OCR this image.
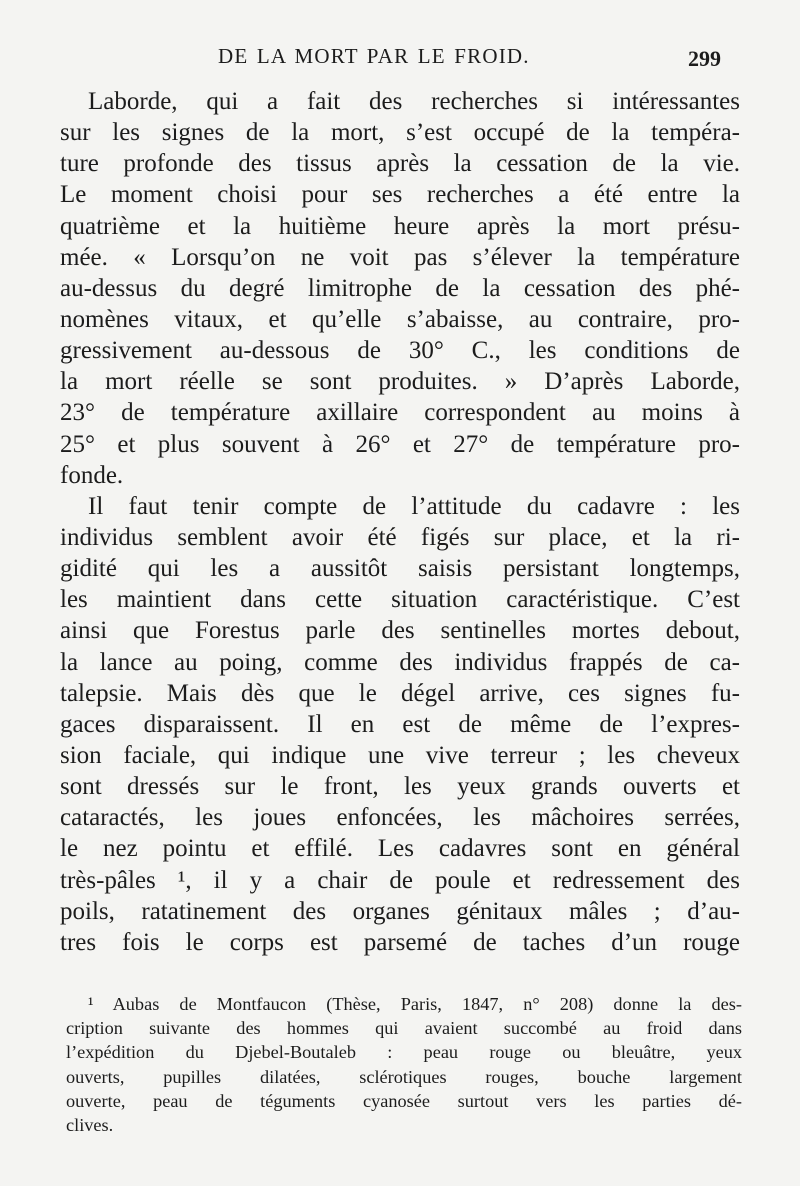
DE LA MORT PAR LE FROID.	299
Laborde, qui a fait des recherches si intéressantes
sur les signes de la mort, s’est occupé de la tempéra-
ture profonde des tissus après la cessation de la vie.
Le moment choisi pour ses recherches a été entre la
quatrième et la huitième heure après la mort présu-
mée. « Lorsqu’on ne voit pas s’élever la température
au-dessus du degré limitrophe de la cessation des phé-
nomènes vitaux, et qu’elle s’abaisse, au contraire, pro-
gressivement au-dessous de 30° C., les conditions de
la mort réelle se sont produites. » D’après Laborde,
23° de température axillaire correspondent au moins à
25° et plus souvent à 26° et 27° de température pro-
fonde.
Il faut tenir compte de l’attitude du cadavre : les
individus semblent avoir été figés sur place, et la ri-
gidité qui les a aussitôt saisis persistant longtemps,
les maintient dans cette situation caractéristique. C’est
ainsi que Forestus parle des sentinelles mortes debout,
la lance au poing, comme des individus frappés de ca-
talepsie. Mais dès que le dégel arrive, ces signes fu-
gaces disparaissent. Il en est de même de l’expres-
sion faciale, qui indique une vive terreur ; les cheveux
sont dressés sur le front, les yeux grands ouverts et
cataractés, les joues enfoncées, les mâchoires serrées,
le nez pointu et effilé. Les cadavres sont en général
très-pâles ¹, il y a chair de poule et redressement des
poils, ratatinement des organes génitaux mâles ; d’au-
tres fois le corps est parsemé de taches d’un rouge
¹ Aubas de Montfaucon (Thèse, Paris, 1847, n° 208) donne la des-
cription suivante des hommes qui avaient succombé au froid dans
l’expédition du Djebel-Boutaleb : peau rouge ou bleuâtre, yeux
ouverts, pupilles dilatées, sclérotiques rouges, bouche largement
ouverte, peau de téguments cyanosée surtout vers les parties dé-
clives.
